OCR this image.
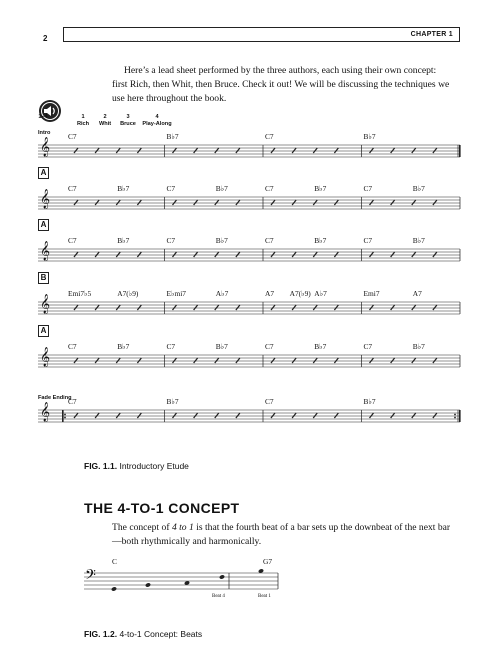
2	CHAPTER 1
Here’s a lead sheet performed by the three authors, each using their own concept: first Rich, then Whit, then Bruce. Check it out! We will be discussing the techniques we use here throughout the book.
1–4	1
Rich
2
Whit
3
Bruce
4
Play-Along
FIG. 1.1. Introductory Etude
THE 4-TO-1 CONCEPT
The concept of 4 to 1 is that the fourth beat of a bar sets up the downbeat of the next bar—both rhythmically and harmonically.
FIG. 1.2. 4-to-1 Concept: Beats
𝄞
Intro C7	B♭7	C7	B♭7
𝄞
A
C7	B♭7	C7	B♭7	C7	B♭7	C7	B♭7
𝄞
A
C7	B♭7	C7	B♭7	C7	B♭7	C7	B♭7
𝄞
B
Emi7♭5	A7(♭9)	E♭mi7	A♭7	A7 A7(♭9) A♭7	Emi7	A7
𝄞
A
C7	B♭7	C7	B♭7	C7	B♭7	C7	B♭7
𝄞
Fade Ending
C7	B♭7	C7	B♭7
𝄢
C	G7
Beat 4	Beat 1
